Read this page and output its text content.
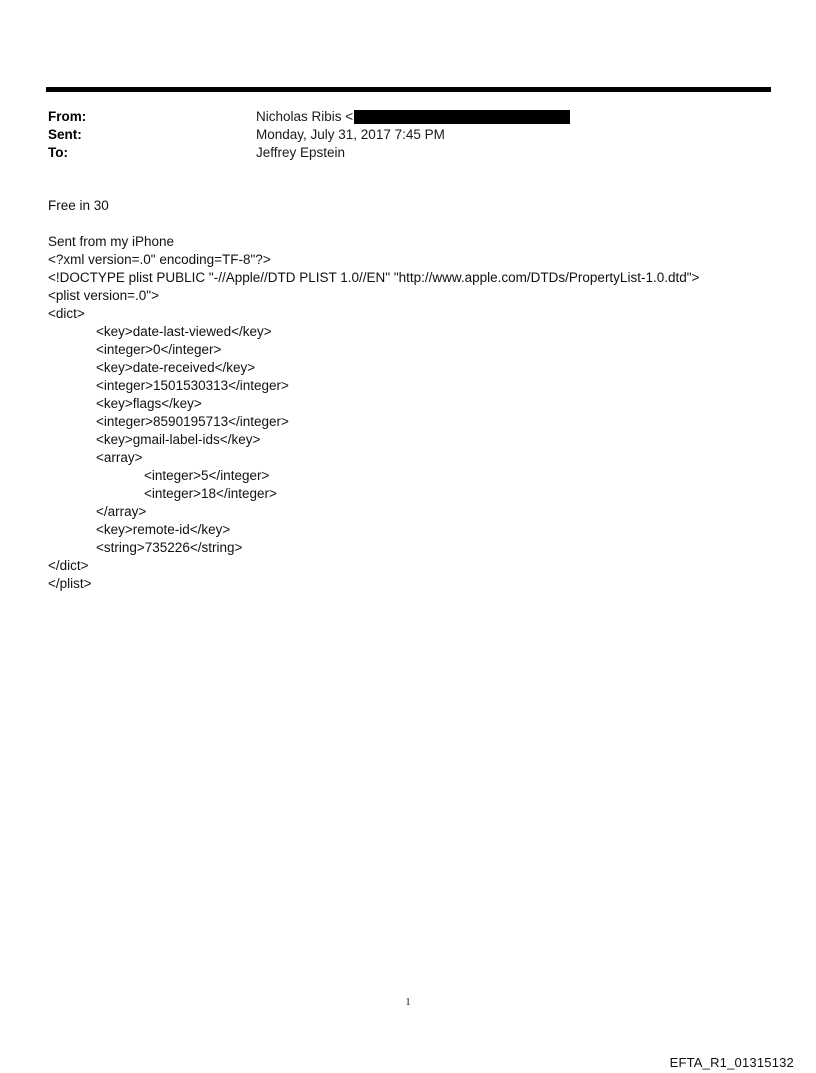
From:	Nicholas Ribis <
Sent:	Monday, July 31, 2017 7:45 PM
To:	Jeffrey Epstein
Free in 30
Sent from my iPhone
<?xml version=.0" encoding=TF-8"?>
<!DOCTYPE plist PUBLIC "-//Apple//DTD PLIST 1.0//EN" "http://www.apple.com/DTDs/PropertyList-1.0.dtd">
<plist version=.0">
<dict>
<key>date-last-viewed</key>
<integer>0</integer>
<key>date-received</key>
<integer>1501530313</integer>
<key>flags</key>
<integer>8590195713</integer>
<key>gmail-label-ids</key>
<array>
<integer>5</integer>
<integer>18</integer>
</array>
<key>remote-id</key>
<string>735226</string>
</dict>
</plist>
1
EFTA_R1_01315132
